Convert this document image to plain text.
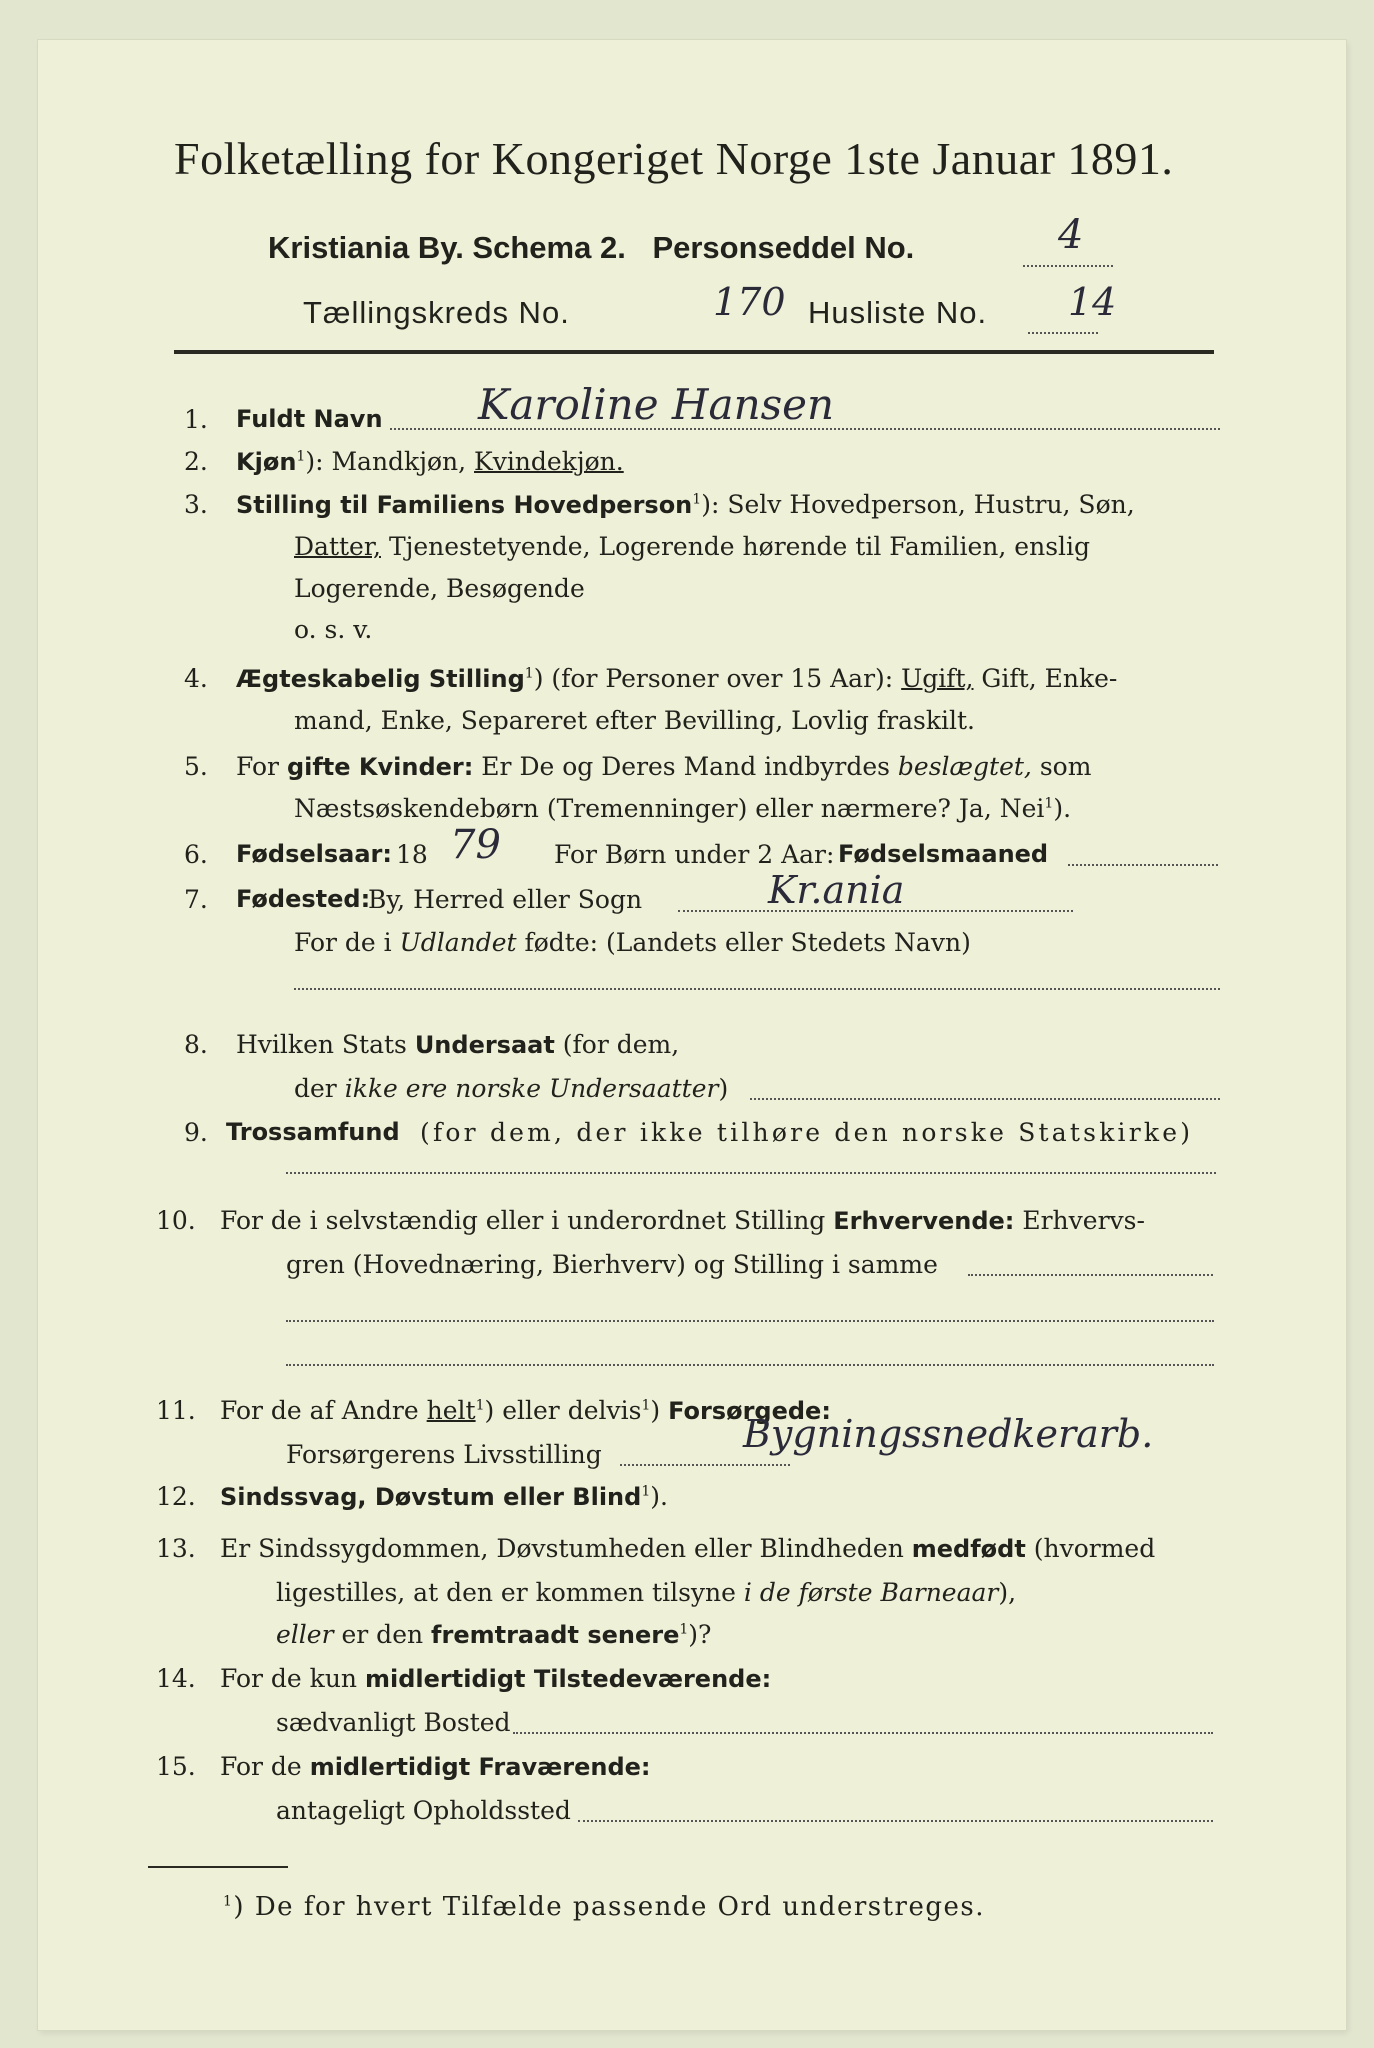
Folketælling for Kongeriget Norge 1ste Januar 1891.
Kristiania By. Schema 2. Personseddel No.	4
Tællingskreds No.	170 Husliste No. 14
1. Fuldt Navn Karoline Hansen
2. Kjøn$^1$): Mandkjøn, Kvindekjøn.
3. Stilling til Familiens Hovedperson$^1$): Selv Hovedperson, Hustru, Søn,
Datter, Tjenestetyende, Logerende hørende til Familien, enslig
Logerende, Besøgende
o. s. v.
4. Ægteskabelig Stilling$^1$) (for Personer over 15 Aar): Ugift, Gift, Enke-
mand, Enke, Separeret efter Bevilling, Lovlig fraskilt.
5. For gifte Kvinder: Er De og Deres Mand indbyrdes beslægtet, som
Næstsøskendebørn (Tremenninger) eller nærmere? Ja, Nei$^1$).
6. Fødselsaar: 18 79 For Børn under 2 Aar: Fødselsmaaned
7. Fødested:
By, Herred eller Sogn	Kr.ania
For de i Udlandet fødte: (Landets eller Stedets Navn)
8. Hvilken Stats Undersaat (for dem,
der ikke ere norske Undersaatter)
9. Trossamfund (for dem, der ikke tilhøre den norske Statskirke)
10. For de i selvstændig eller i underordnet Stilling Erhvervende: Erhvervs-
gren (Hovednæring, Bierhverv) og Stilling i samme
11. For de af Andre helt$^1$) eller delvis$^1$) Forsørgede:
Forsørgerens Livsstilling	Bygningssnedkerarb.
12. Sindssvag, Døvstum eller Blind$^1$).
13. Er Sindssygdommen, Døvstumheden eller Blindheden medfødt (hvormed
ligestilles, at den er kommen tilsyne i de første Barneaar),
eller er den fremtraadt senere$^1$)?
14. For de kun midlertidigt Tilstedeværende:
sædvanligt Bosted
15. For de midlertidigt Fraværende:
antageligt Opholdssted
$^1$) De for hvert Tilfælde passende Ord understreges.
